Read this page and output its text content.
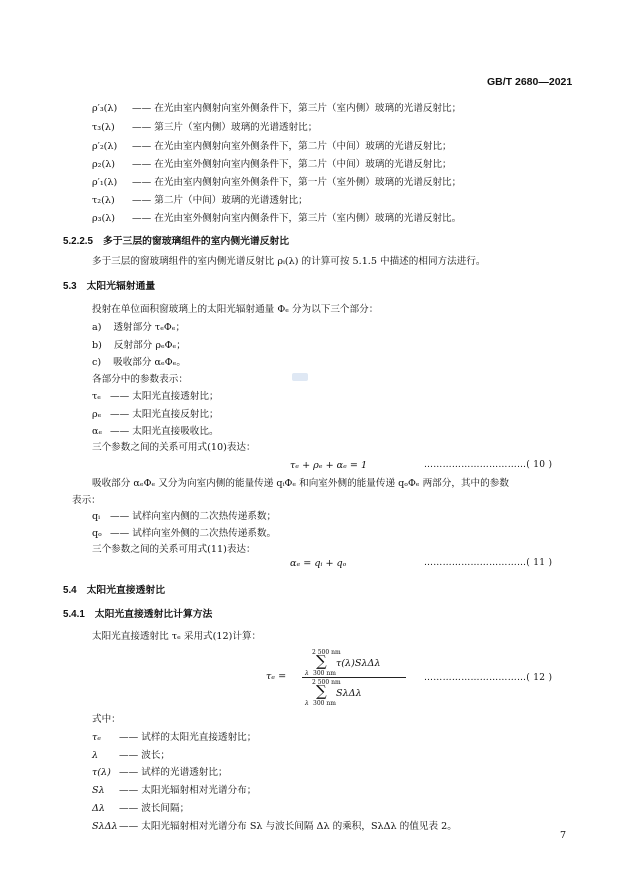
GB/T 2680—2021
ρ′₃(λ) —— 在光由室内侧射向室外侧条件下，第三片（室内侧）玻璃的光谱反射比；
τ₃(λ) —— 第三片（室内侧）玻璃的光谱透射比；
ρ′₂(λ) —— 在光由室内侧射向室外侧条件下，第二片（中间）玻璃的光谱反射比；
ρ₂(λ) —— 在光由室外侧射向室内侧条件下，第二片（中间）玻璃的光谱反射比；
ρ′₁(λ) —— 在光由室内侧射向室外侧条件下，第一片（室外侧）玻璃的光谱反射比；
τ₂(λ) —— 第二片（中间）玻璃的光谱透射比；
ρ₃(λ) —— 在光由室外侧射向室内侧条件下，第三片（室内侧）玻璃的光谱反射比。
5.2.2.5 多于三层的窗玻璃组件的室内侧光谱反射比
多于三层的窗玻璃组件的室内侧光谱反射比 ρᵢ(λ) 的计算可按 5.1.5 中描述的相同方法进行。
5.3 太阳光辐射通量
投射在单位面积窗玻璃上的太阳光辐射通量 Φₑ 分为以下三个部分：
a) 透射部分 τₑΦₑ；
b) 反射部分 ρₑΦₑ；
c) 吸收部分 αₑΦₑ。
各部分中的参数表示：
τₑ —— 太阳光直接透射比；
ρₑ —— 太阳光直接反射比；
αₑ —— 太阳光直接吸收比。
三个参数之间的关系可用式(10)表达：
τₑ + ρₑ + αₑ = 1	……………………………( 10 )
吸收部分 αₑΦₑ 又分为向室内侧的能量传递 qᵢΦₑ 和向室外侧的能量传递 qₒΦₑ 两部分，其中的参数
表示：
qᵢ —— 试样向室内侧的二次热传递系数；
qₒ —— 试样向室外侧的二次热传递系数。
三个参数之间的关系可用式(11)表达：
αₑ = qᵢ + qₒ	……………………………( 11 )
5.4 太阳光直接透射比
5.4.1 太阳光直接透射比计算方法
太阳光直接透射比 τₑ 采用式(12)计算：
τₑ =
2 500 nm
∑ τ(λ)SλΔλ
λ 300 nm
2 500 nm
∑ SλΔλ
λ 300 nm
……………………………( 12 )
式中：
τₑ —— 试样的太阳光直接透射比；
λ —— 波长；
τ(λ) —— 试样的光谱透射比；
Sλ —— 太阳光辐射相对光谱分布；
Δλ —— 波长间隔；
SλΔλ —— 太阳光辐射相对光谱分布 Sλ 与波长间隔 Δλ 的乘积，SλΔλ 的值见表 2。
7
